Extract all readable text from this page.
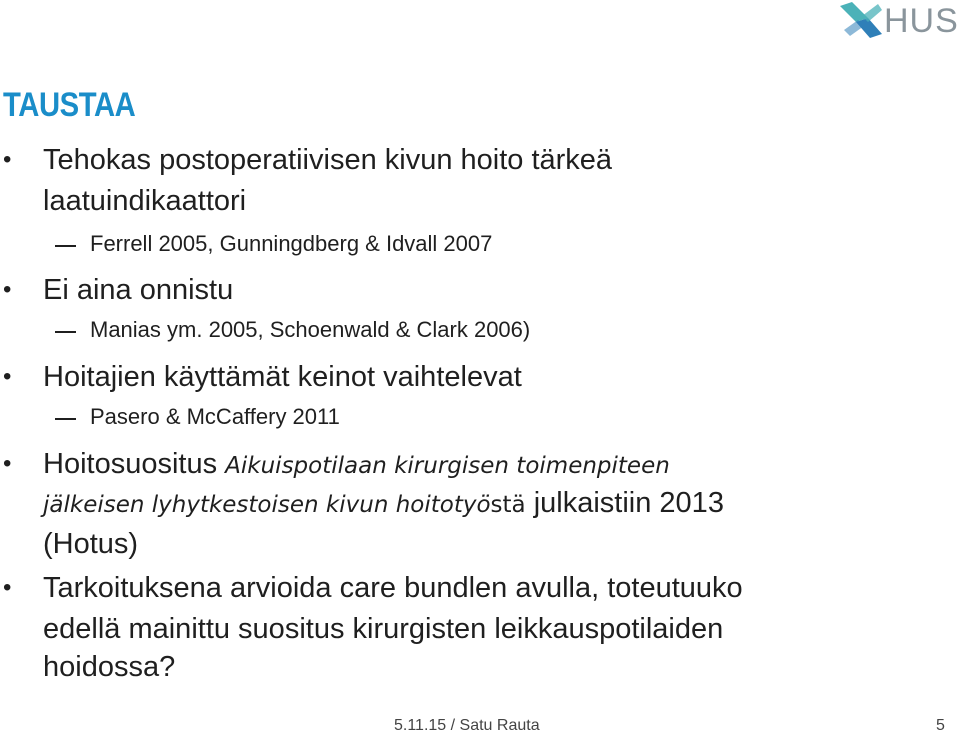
HUS
TAUSTAA
• Tehokas postoperatiivisen kivun hoito tärkeä
laatuindikaattori
Ferrell 2005, Gunningdberg & Idvall 2007
• Ei aina onnistu
Manias ym. 2005, Schoenwald & Clark 2006)
• Hoitajien käyttämät keinot vaihtelevat
Pasero & McCaffery 2011
• Hoitosuositus Aikuispotilaan kirurgisen toimenpiteen
jälkeisen lyhytkestoisen kivun hoitotyöstä julkaistiin 2013
(Hotus)
• Tarkoituksena arvioida care bundlen avulla, toteutuuko
edellä mainittu suositus kirurgisten leikkauspotilaiden
hoidossa?
5.11.15 / Satu Rauta	5
